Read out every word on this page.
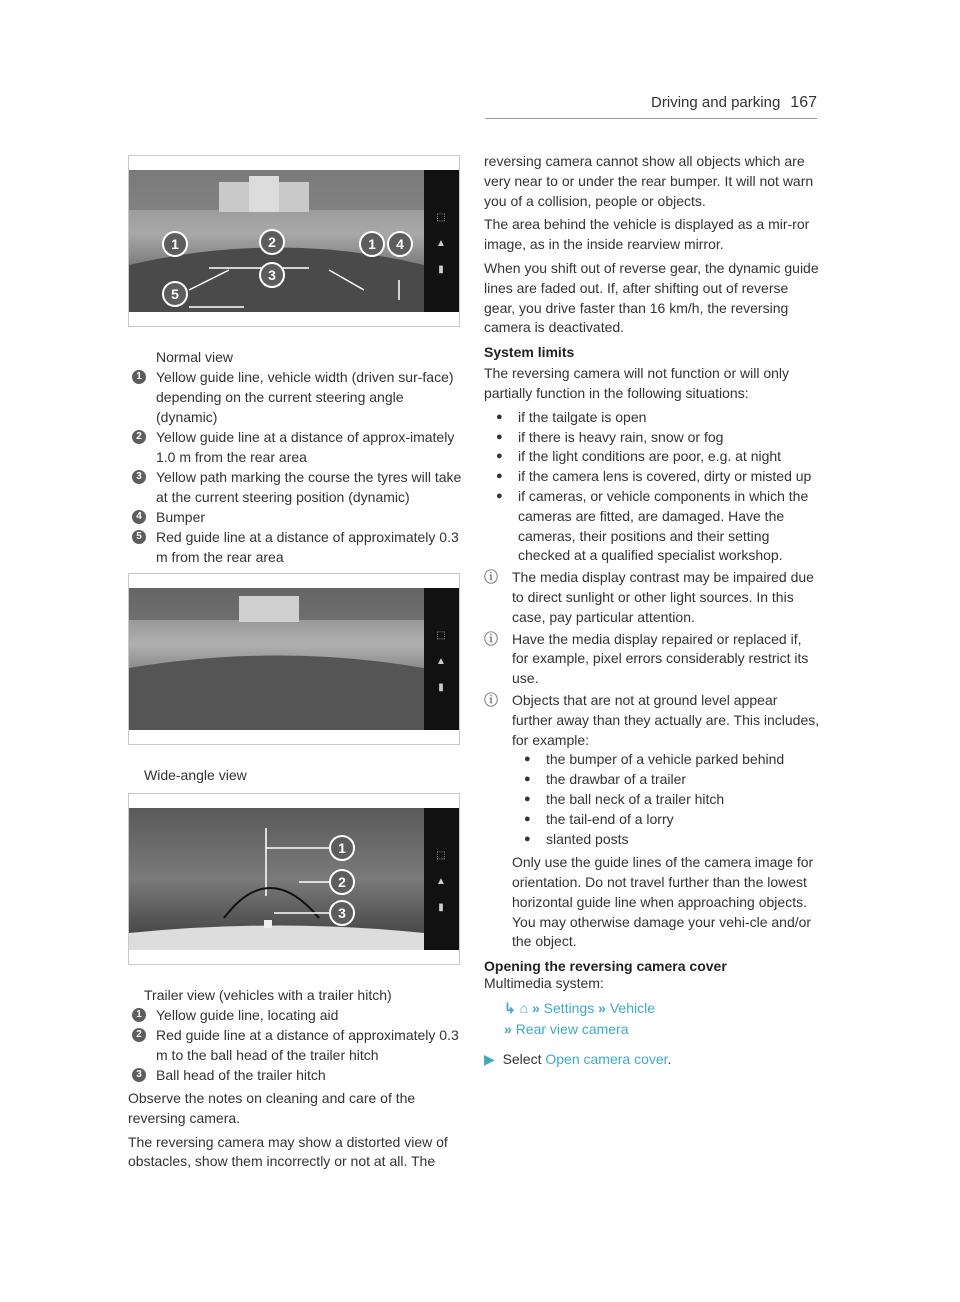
Driving and parking 167
⬚
▲
▮
1	2	1 4
3
5
Normal view
1	Yellow guide line, vehicle width (driven sur-face) depending on the current steering angle (dynamic)
2	Yellow guide line at a distance of approx-imately 1.0 m from the rear area
3	Yellow path marking the course the tyres will take at the current steering position (dynamic)
4	Bumper
5	Red guide line at a distance of approximately 0.3 m from the rear area
⬚
▲
▮
Wide-angle view
⬚
▲
▮
1
2
3
Trailer view (vehicles with a trailer hitch)
1	Yellow guide line, locating aid
2	Red guide line at a distance of approximately 0.3 m to the ball head of the trailer hitch
3	Ball head of the trailer hitch

Observe the notes on cleaning and care of the reversing camera.

The reversing camera may show a distorted view of obstacles, show them incorrectly or not at all. The

reversing camera cannot show all objects which are very near to or under the rear bumper. It will not warn you of a collision, people or objects.

The area behind the vehicle is displayed as a mir-ror image, as in the inside rearview mirror.

When you shift out of reverse gear, the dynamic guide lines are faded out. If, after shifting out of reverse gear, you drive faster than 16 km/h, the reversing camera is deactivated.

System limits

The reversing camera will not function or will only partially function in the following situations:

●	if the tailgate is open
●	if there is heavy rain, snow or fog
●	if the light conditions are poor, e.g. at night
●	if the camera lens is covered, dirty or misted up
●	if cameras, or vehicle components in which the cameras are fitted, are damaged. Have the cameras, their positions and their setting checked at a qualified specialist workshop.
ⓘ	The media display contrast may be impaired due to direct sunlight or other light sources. In this case, pay particular attention.
ⓘ	Have the media display repaired or replaced if, for example, pixel errors considerably restrict its use.
ⓘ	Objects that are not at ground level appear further away than they actually are. This includes, for example:
●	the bumper of a vehicle parked behind
●	the drawbar of a trailer
●	the ball neck of a trailer hitch
●	the tail-end of a lorry
●	slanted posts

Only use the guide lines of the camera image for orientation. Do not travel further than the lowest horizontal guide line when approaching objects. You may otherwise damage your vehi-cle and/or the object.

Opening the reversing camera cover

Multimedia system:

↳ ⌂ » Settings » Vehicle
» Rear view camera
▶ Select Open camera cover.
